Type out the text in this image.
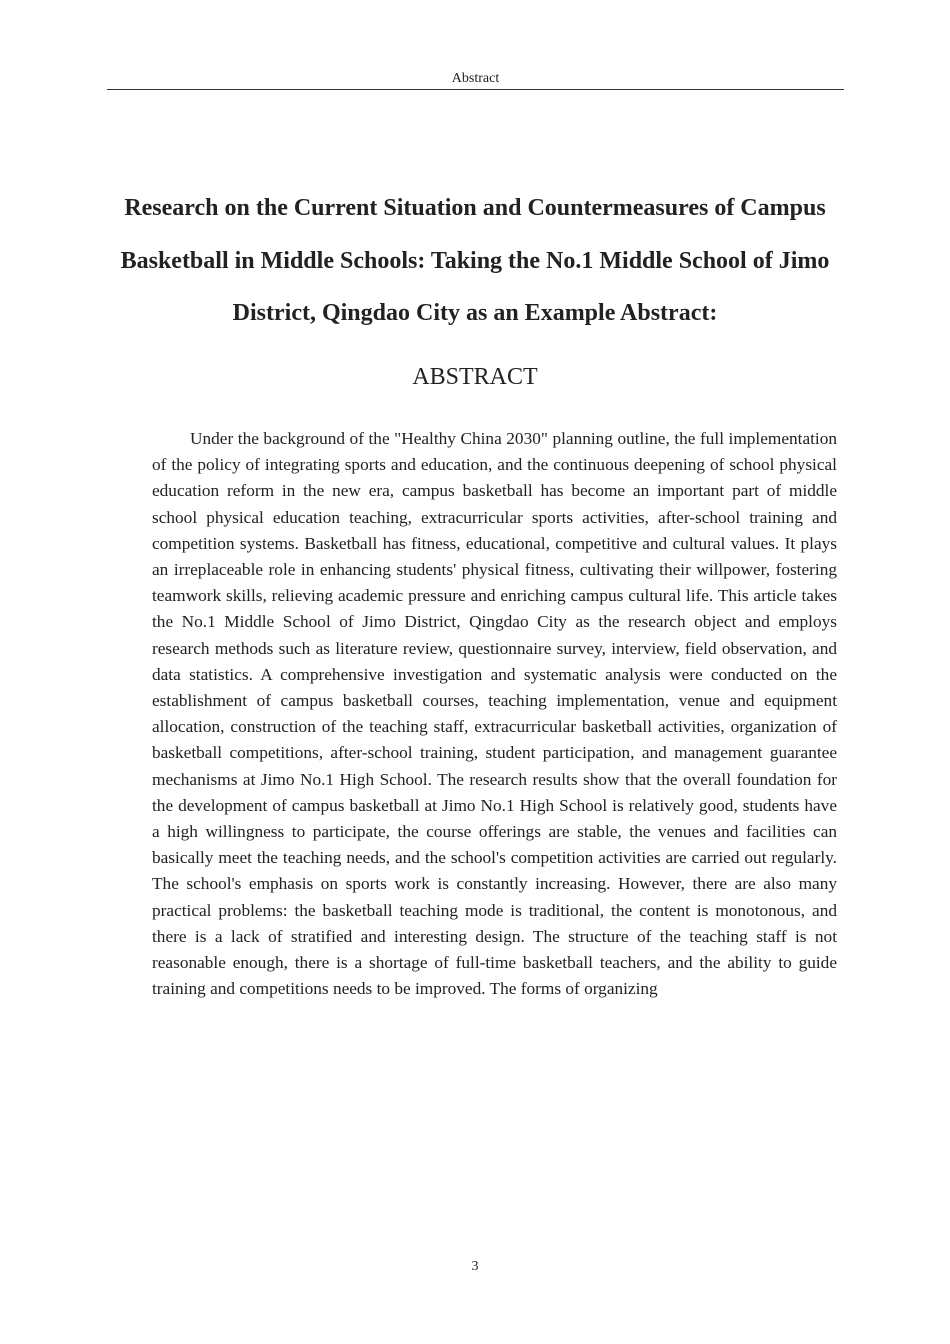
Abstract
Research on the Current Situation and Countermeasures of Campus Basketball in Middle Schools: Taking the No.1 Middle School of Jimo District, Qingdao City as an Example Abstract:
ABSTRACT

Under the background of the "Healthy China 2030" planning outline, the full implementation of the policy of integrating sports and education, and the continuous deepening of school physical education reform in the new era, campus basketball has become an important part of middle school physical education teaching, extracurricular sports activities, after-school training and competition systems. Basketball has fitness, educational, competitive and cultural values. It plays an irreplaceable role in enhancing students' physical fitness, cultivating their willpower, fostering teamwork skills, relieving academic pressure and enriching campus cultural life. This article takes the No.1 Middle School of Jimo District, Qingdao City as the research object and employs research methods such as literature review, questionnaire survey, interview, field observation, and data statistics. A comprehensive investigation and systematic analysis were conducted on the establishment of campus basketball courses, teaching implementation, venue and equipment allocation, construction of the teaching staff, extracurricular basketball activities, organization of basketball competitions, after-school training, student participation, and management guarantee mechanisms at Jimo No.1 High School. The research results show that the overall foundation for the development of campus basketball at Jimo No.1 High School is relatively good, students have a high willingness to participate, the course offerings are stable, the venues and facilities can basically meet the teaching needs, and the school's competition activities are carried out regularly. The school's emphasis on sports work is constantly increasing. However, there are also many practical problems: the basketball teaching mode is traditional, the content is monotonous, and there is a lack of stratified and interesting design. The structure of the teaching staff is not reasonable enough, there is a shortage of full-time basketball teachers, and the ability to guide training and competitions needs to be improved. The forms of organizing

3
